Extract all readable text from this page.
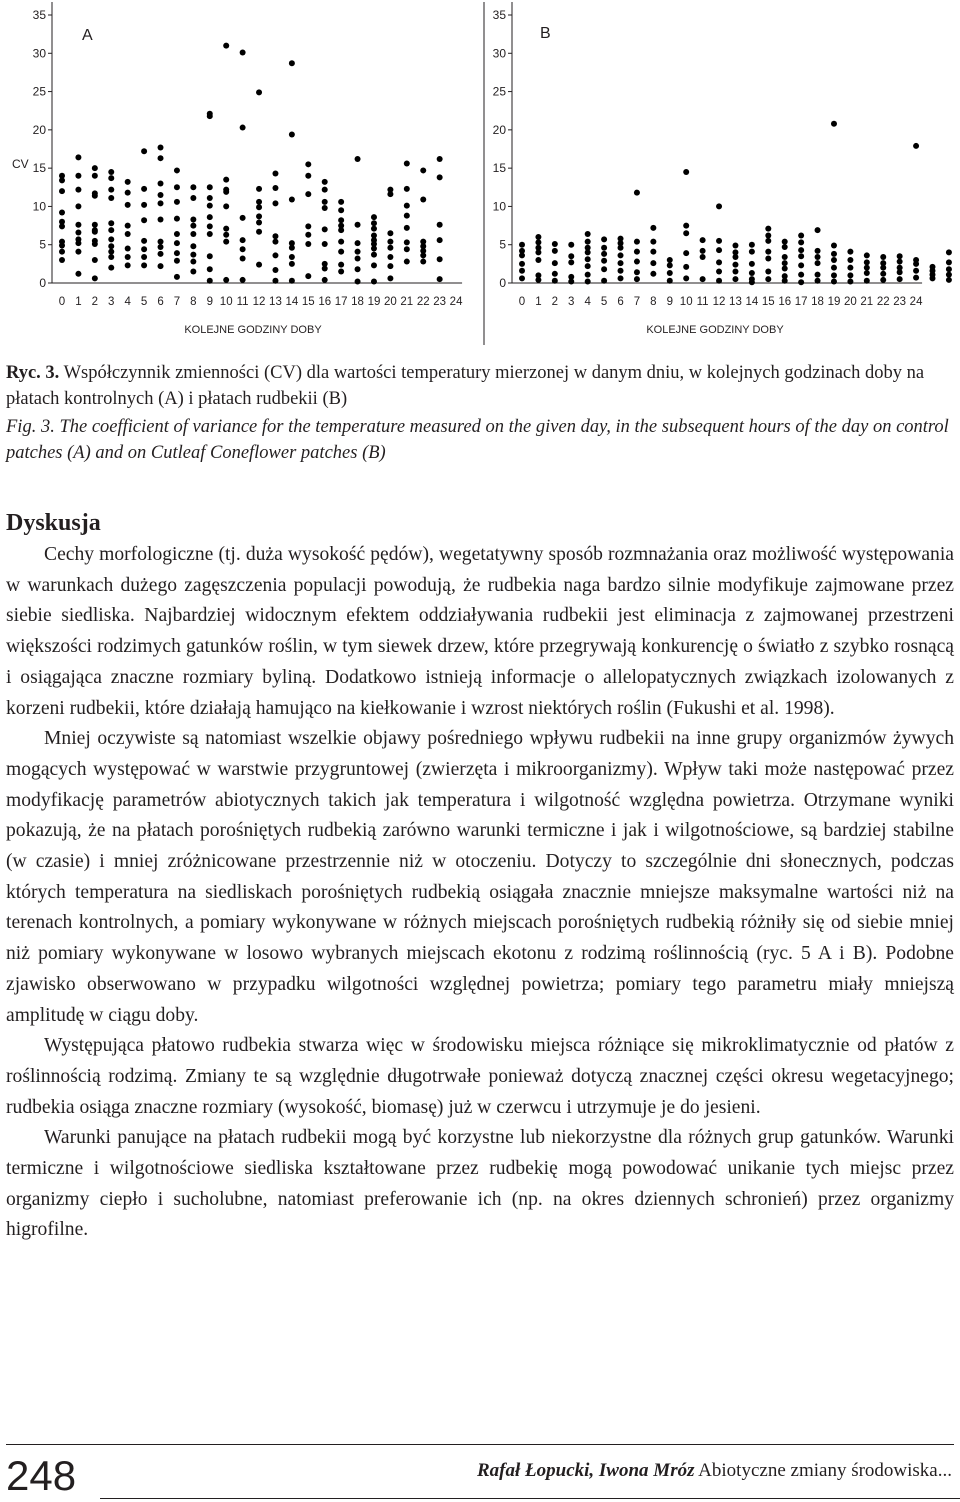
CV
0
5
10
15
20
25
30
35
0 1 2 3 4 5 6 7 8 9 10 11 12 13 14 15 16 17 18 19 20 21 22 23 24
A
KOLEJNE GODZINY DOBY
0
5
10
15
20
25
30
35
0 1 2 3 4 5 6 7 8 9 10 11 12 13 14 15 16 17 18 19 20 21 22 23 24
B
KOLEJNE GODZINY DOBY

Ryc. 3. Współczynnik zmienności (CV) dla wartości temperatury mierzonej w danym dniu, w kolejnych godzinach doby na płatach kontrolnych (A) i płatach rudbekii (B)

Fig. 3. The coefficient of variance for the temperature measured on the given day, in the subsequent hours of the day on control patches (A) and on Cutleaf Coneflower patches (B)

Dyskusja

Cechy morfologiczne (tj. duża wysokość pędów), wegetatywny sposób rozmnażania oraz możliwość występowania w warunkach dużego zagęszczenia populacji powodują, że rudbekia naga bardzo silnie modyfikuje zajmowane przez siebie siedliska. Najbardziej widocznym efektem oddziaływania rudbekii jest eliminacja z zajmowanej przestrzeni większości rodzimych gatunków roślin, w tym siewek drzew, które przegrywają konkurencję o światło z szybko rosnącą i osiągająca znaczne rozmiary byliną. Dodatkowo istnieją informacje o allelopatycznych związkach izolowanych z korzeni rudbekii, które działają hamująco na kiełkowanie i wzrost niektórych roślin (Fukushi et al. 1998).

Mniej oczywiste są natomiast wszelkie objawy pośredniego wpływu rudbekii na inne grupy organizmów żywych mogących występować w warstwie przygruntowej (zwierzęta i mikroorganizmy). Wpływ taki może następować przez modyfikację parametrów abiotycznych takich jak temperatura i wilgotność względna powietrza. Otrzymane wyniki pokazują, że na płatach porośniętych rudbekią zarówno warunki termiczne i jak i wilgotnościowe, są bardziej stabilne (w czasie) i mniej zróżnicowane przestrzennie niż w otoczeniu. Dotyczy to szczególnie dni słonecznych, podczas których temperatura na siedliskach porośniętych rudbekią osiągała znacznie mniejsze maksymalne wartości niż na terenach kontrolnych, a pomiary wykonywane w różnych miejscach porośniętych rudbekią różniły się od siebie mniej niż pomiary wykonywane w losowo wybranych miejscach ekotonu z rodzimą roślinnością (ryc. 5 A i B). Podobne zjawisko obserwowano w przypadku wilgotności względnej powietrza; pomiary tego parametru miały mniejszą amplitudę w ciągu doby.

Występująca płatowo rudbekia stwarza więc w środowisku miejsca różniące się mikroklimatycznie od płatów z roślinnością rodzimą. Zmiany te są względnie długotrwałe ponieważ dotyczą znacznej części okresu wegetacyjnego; rudbekia osiąga znaczne rozmiary (wysokość, biomasę) już w czerwcu i utrzymuje je do jesieni.

Warunki panujące na płatach rudbekii mogą być korzystne lub niekorzystne dla różnych grup gatunków. Warunki termiczne i wilgotnościowe siedliska kształtowane przez rudbekię mogą powodować unikanie tych miejsc przez organizmy ciepło i sucholubne, natomiast preferowanie ich (np. na okres dziennych schronień) przez organizmy higrofilne.

248	Rafał Łopucki, Iwona Mróz Abiotyczne zmiany środowiska...
